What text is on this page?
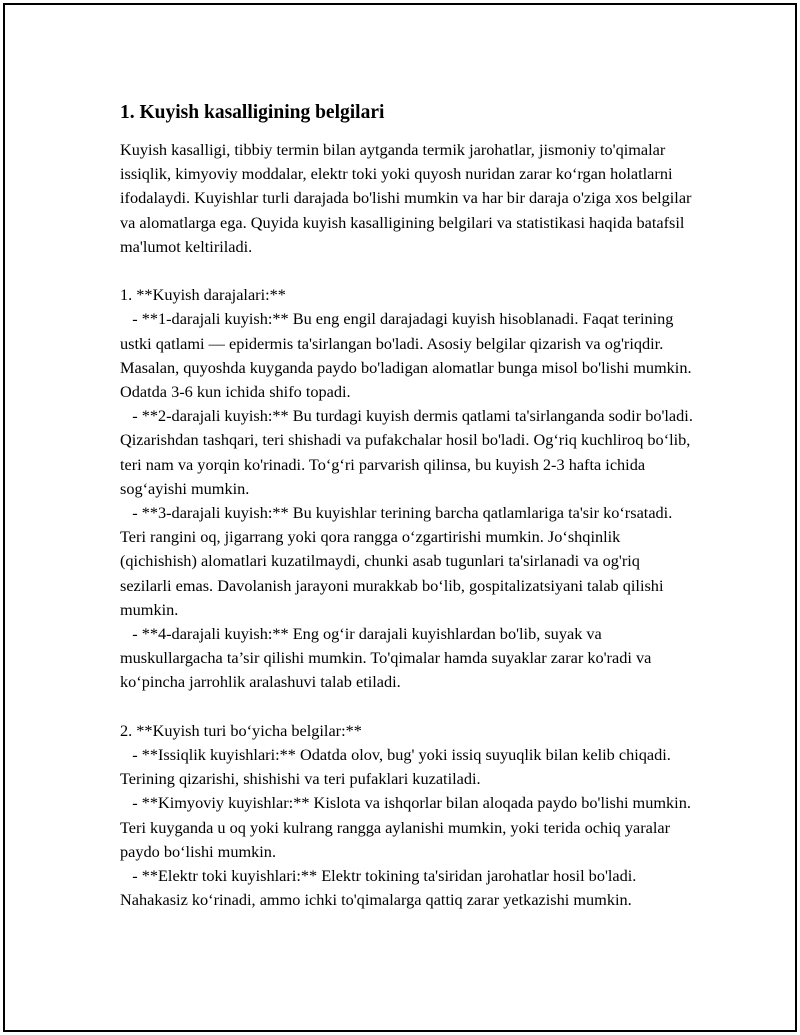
1. Kuyish kasalligining belgilari

Kuyish kasalligi, tibbiy termin bilan aytganda termik jarohatlar, jismoniy to'qimalar issiqlik, kimyoviy moddalar, elektr toki yoki quyosh nuridan zarar ko‘rgan holatlarni ifodalaydi. Kuyishlar turli darajada bo'lishi mumkin va har bir daraja o'ziga xos belgilar va alomatlarga ega. Quyida kuyish kasalligining belgilari va statistikasi haqida batafsil ma'lumot keltiriladi.

1. **Kuyish darajalari:**

- **1-darajali kuyish:** Bu eng engil darajadagi kuyish hisoblanadi. Faqat terining ustki qatlami — epidermis ta'sirlangan bo'ladi. Asosiy belgilar qizarish va og'riqdir. Masalan, quyoshda kuyganda paydo bo'ladigan alomatlar bunga misol bo'lishi mumkin. Odatda 3-6 kun ichida shifo topadi.

- **2-darajali kuyish:** Bu turdagi kuyish dermis qatlami ta'sirlanganda sodir bo'ladi. Qizarishdan tashqari, teri shishadi va pufakchalar hosil bo'ladi. Og‘riq kuchliroq bo‘lib, teri nam va yorqin ko'rinadi. To‘g‘ri parvarish qilinsa, bu kuyish 2-3 hafta ichida sog‘ayishi mumkin.

- **3-darajali kuyish:** Bu kuyishlar terining barcha qatlamlariga ta'sir ko‘rsatadi. Teri rangini oq, jigarrang yoki qora rangga o‘zgartirishi mumkin. Jo‘shqinlik (qichishish) alomatlari kuzatilmaydi, chunki asab tugunlari ta'sirlanadi va og'riq sezilarli emas. Davolanish jarayoni murakkab bo‘lib, gospitalizatsiyani talab qilishi mumkin.

- **4-darajali kuyish:** Eng og‘ir darajali kuyishlardan bo'lib, suyak va muskullargacha ta’sir qilishi mumkin. To'qimalar hamda suyaklar zarar ko'radi va ko‘pincha jarrohlik aralashuvi talab etiladi.

2. **Kuyish turi bo‘yicha belgilar:**

- **Issiqlik kuyishlari:** Odatda olov, bug' yoki issiq suyuqlik bilan kelib chiqadi. Terining qizarishi, shishishi va teri pufaklari kuzatiladi.

- **Kimyoviy kuyishlar:** Kislota va ishqorlar bilan aloqada paydo bo'lishi mumkin. Teri kuyganda u oq yoki kulrang rangga aylanishi mumkin, yoki terida ochiq yaralar paydo bo‘lishi mumkin.

- **Elektr toki kuyishlari:** Elektr tokining ta'siridan jarohatlar hosil bo'ladi. Nahakasiz ko‘rinadi, ammo ichki to'qimalarga qattiq zarar yetkazishi mumkin.
